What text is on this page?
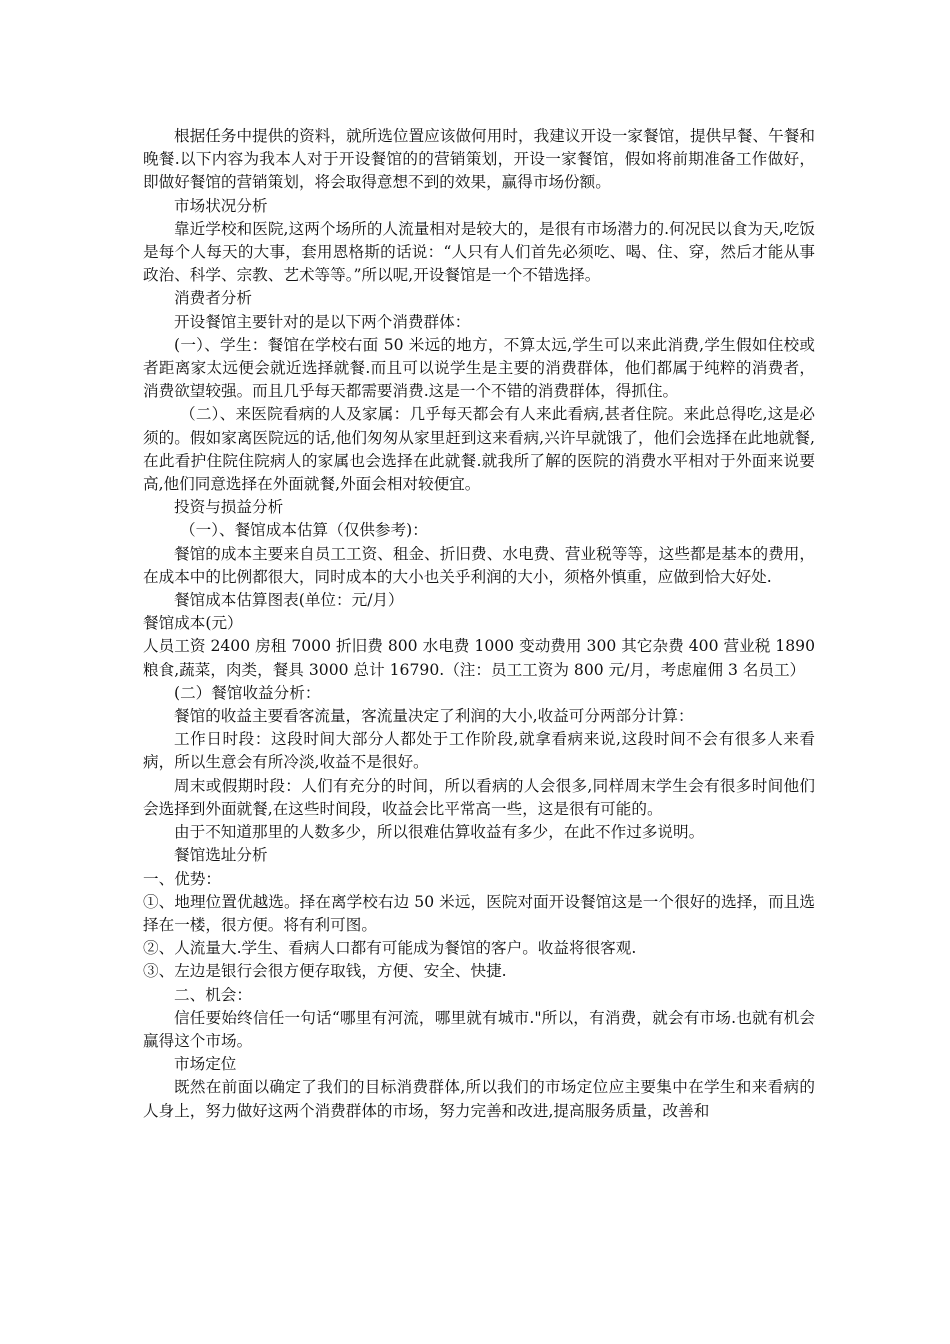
根据任务中提供的资料，就所选位置应该做何用时，我建议开设一家餐馆，提供早餐、午餐和晚餐.以下内容为我本人对于开设餐馆的的营销策划，开设一家餐馆，假如将前期准备工作做好，即做好餐馆的营销策划，将会取得意想不到的效果，赢得市场份额。

市场状况分析

靠近学校和医院,这两个场所的人流量相对是较大的，是很有市场潜力的.何况民以食为天,吃饭是每个人每天的大事，套用恩格斯的话说：“人只有人们首先必须吃、喝、住、穿，然后才能从事政治、科学、宗教、艺术等等。”所以呢,开设餐馆是一个不错选择。

消费者分析

开设餐馆主要针对的是以下两个消费群体：

(一）、学生：餐馆在学校右面 50 米远的地方，不算太远,学生可以来此消费,学生假如住校或者距离家太远便会就近选择就餐.而且可以说学生是主要的消费群体，他们都属于纯粹的消费者，消费欲望较强。而且几乎每天都需要消费.这是一个不错的消费群体，得抓住。

（二）、来医院看病的人及家属：几乎每天都会有人来此看病,甚者住院。来此总得吃,这是必须的。假如家离医院远的话,他们匆匆从家里赶到这来看病,兴许早就饿了，他们会选择在此地就餐,在此看护住院住院病人的家属也会选择在此就餐.就我所了解的医院的消费水平相对于外面来说要高,他们同意选择在外面就餐,外面会相对较便宜。

投资与损益分析

（一）、餐馆成本估算（仅供参考)：

餐馆的成本主要来自员工工资、租金、折旧费、水电费、营业税等等，这些都是基本的费用，在成本中的比例都很大，同时成本的大小也关乎利润的大小，须格外慎重，应做到恰大好处.

餐馆成本估算图表(单位：元/月）

餐馆成本(元）

人员工资 2400 房租 7000 折旧费 800 水电费 1000 变动费用 300 其它杂费 400 营业税 1890 粮食,蔬菜，肉类，餐具 3000 总计 16790.（注：员工工资为 800 元/月，考虑雇佣 3 名员工）

(二）餐馆收益分析：

餐馆的收益主要看客流量，客流量决定了利润的大小,收益可分两部分计算：

工作日时段：这段时间大部分人都处于工作阶段,就拿看病来说,这段时间不会有很多人来看病，所以生意会有所冷淡,收益不是很好。

周末或假期时段：人们有充分的时间，所以看病的人会很多,同样周末学生会有很多时间他们会选择到外面就餐,在这些时间段，收益会比平常高一些，这是很有可能的。

由于不知道那里的人数多少，所以很难估算收益有多少，在此不作过多说明。

餐馆选址分析

一、优势：

①、地理位置优越选。择在离学校右边 50 米远，医院对面开设餐馆这是一个很好的选择，而且选择在一楼，很方便。将有利可图。

②、人流量大.学生、看病人口都有可能成为餐馆的客户。收益将很客观.

③、左边是银行会很方便存取钱，方便、安全、快捷.

二、机会：

信任要始终信任一句话“哪里有河流，哪里就有城市."所以，有消费，就会有市场.也就有机会赢得这个市场。

市场定位

既然在前面以确定了我们的目标消费群体,所以我们的市场定位应主要集中在学生和来看病的人身上，努力做好这两个消费群体的市场，努力完善和改进,提高服务质量，改善和
